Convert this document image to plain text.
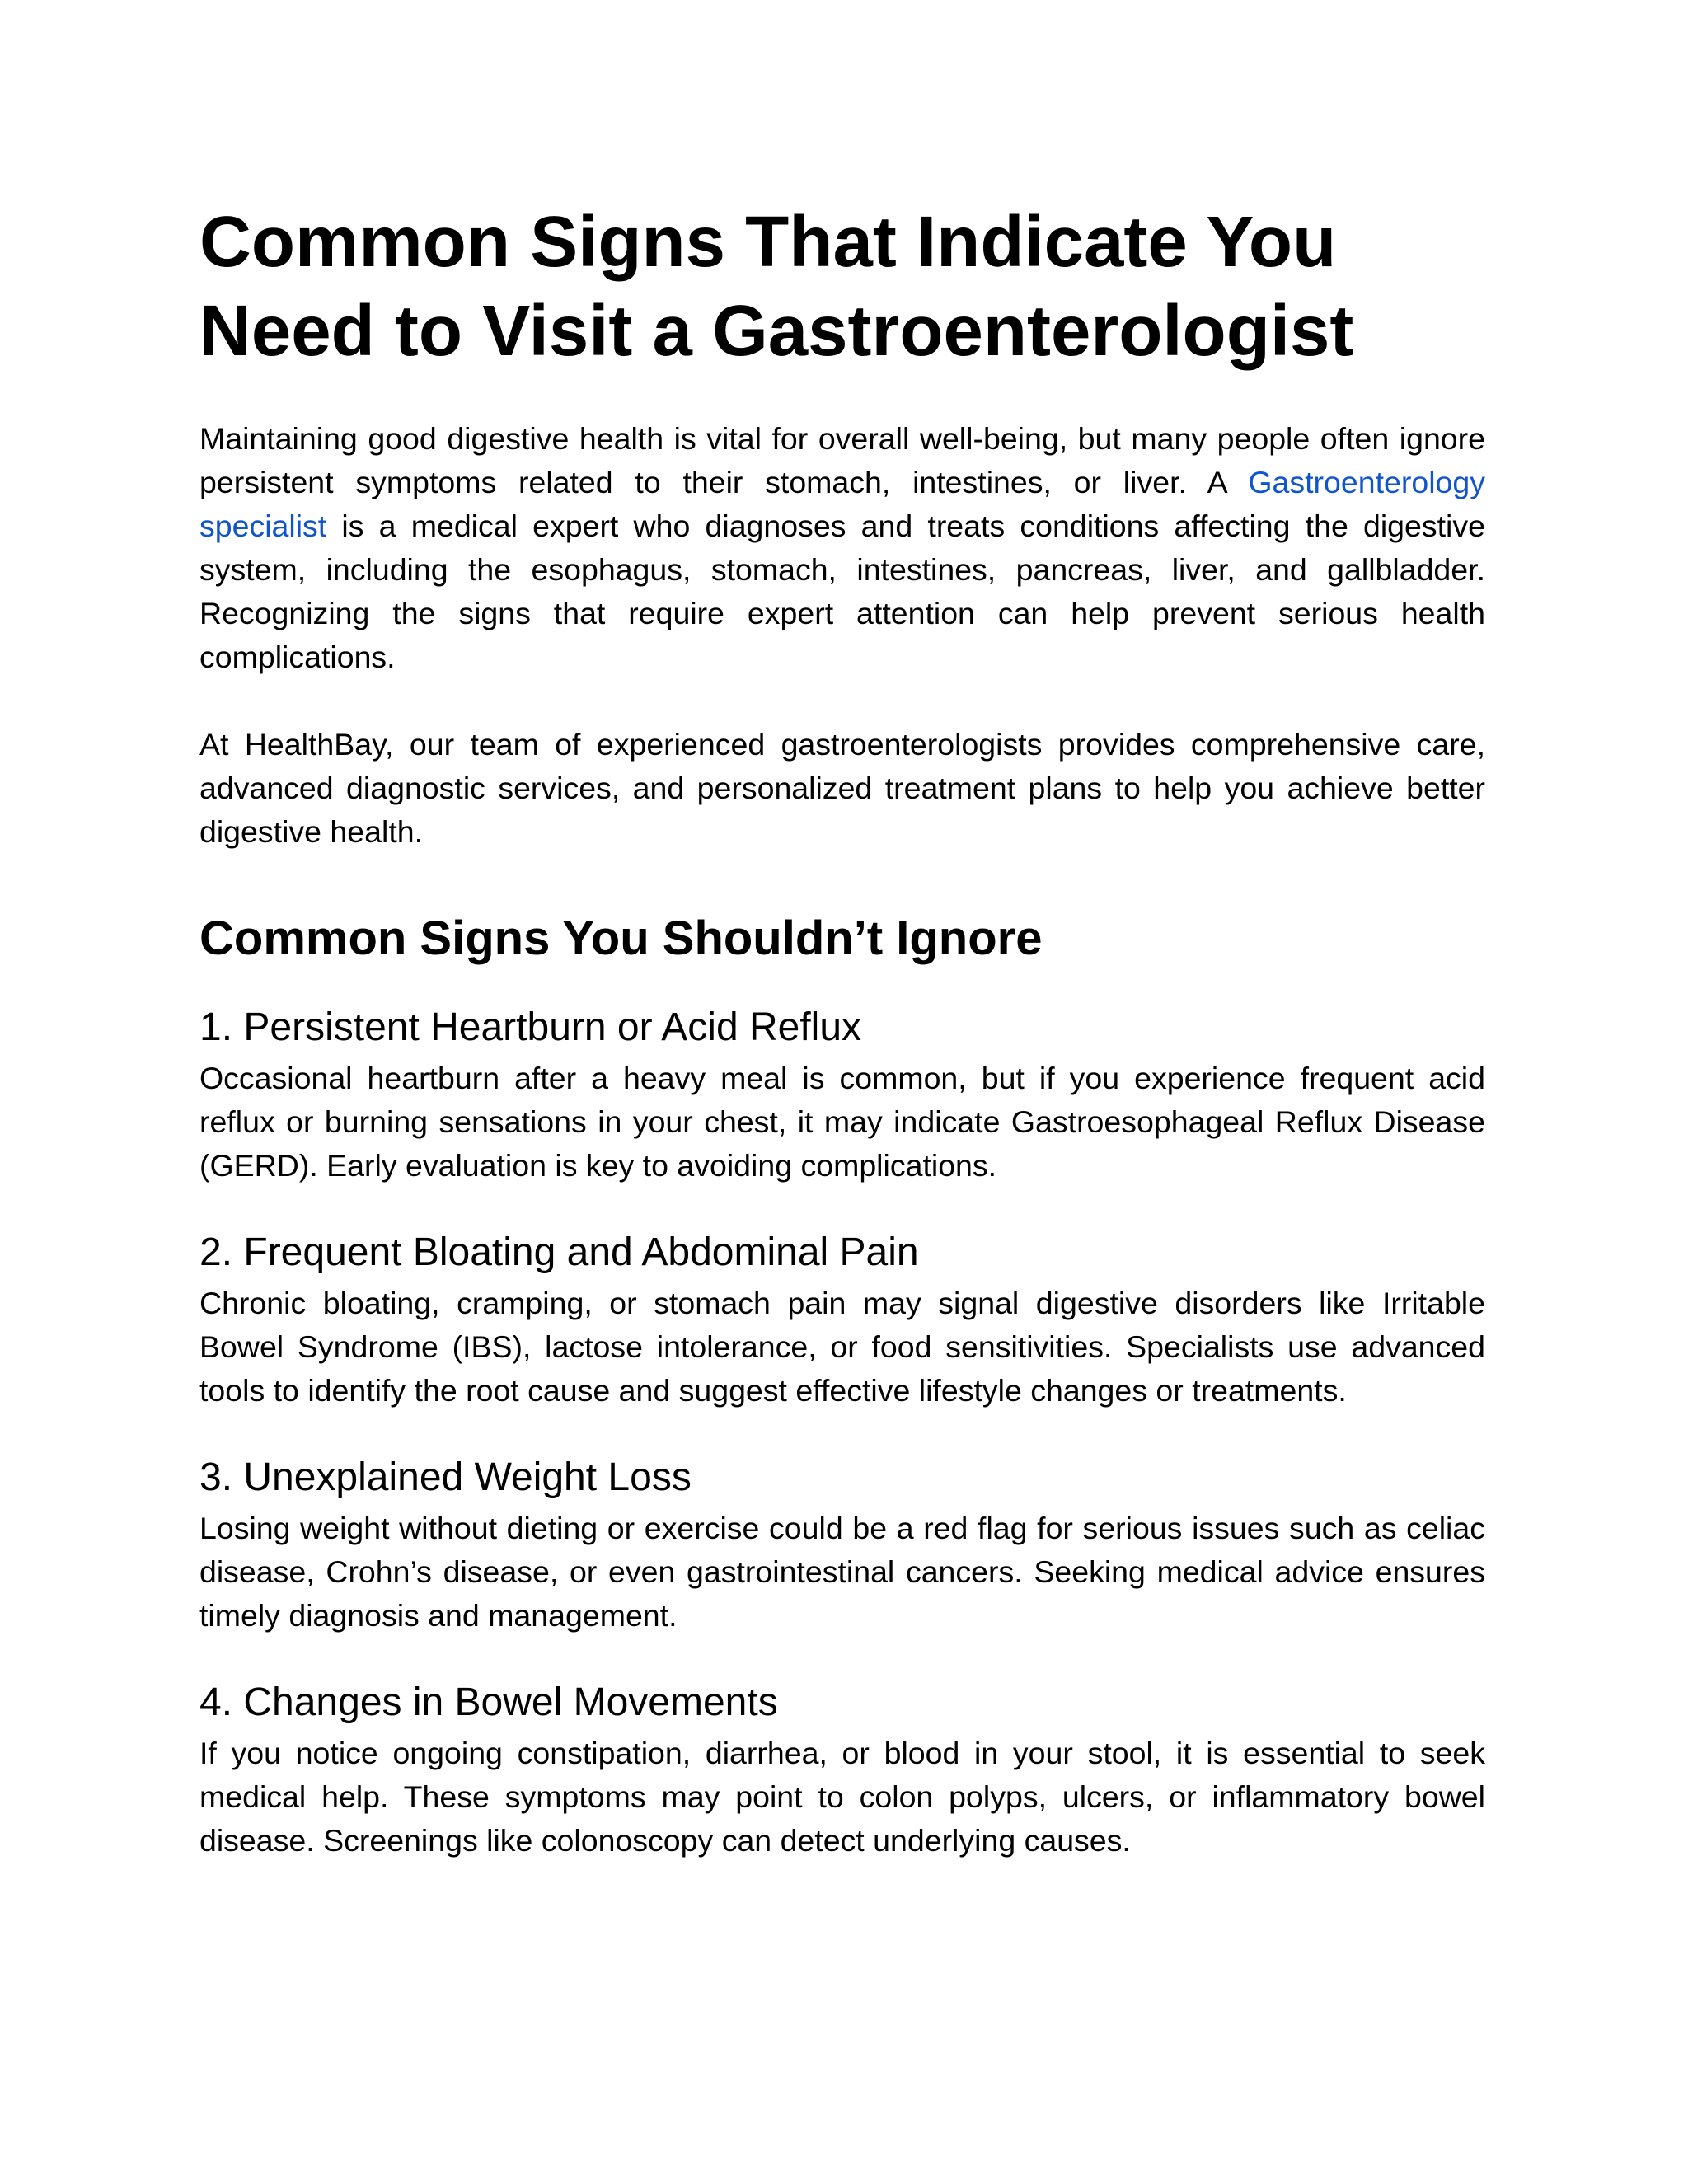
Common Signs That Indicate You Need to Visit a Gastroenterologist

Maintaining good digestive health is vital for overall well-being, but many people often ignore persistent symptoms related to their stomach, intestines, or liver. A Gastroenterology specialist is a medical expert who diagnoses and treats conditions affecting the digestive system, including the esophagus, stomach, intestines, pancreas, liver, and gallbladder. Recognizing the signs that require expert attention can help prevent serious health complications.

At HealthBay, our team of experienced gastroenterologists provides comprehensive care, advanced diagnostic services, and personalized treatment plans to help you achieve better digestive health.

Common Signs You Shouldn’t Ignore
1. Persistent Heartburn or Acid Reflux

Occasional heartburn after a heavy meal is common, but if you experience frequent acid reflux or burning sensations in your chest, it may indicate Gastroesophageal Reflux Disease (GERD). Early evaluation is key to avoiding complications.

2. Frequent Bloating and Abdominal Pain

Chronic bloating, cramping, or stomach pain may signal digestive disorders like Irritable Bowel Syndrome (IBS), lactose intolerance, or food sensitivities. Specialists use advanced tools to identify the root cause and suggest effective lifestyle changes or treatments.

3. Unexplained Weight Loss

Losing weight without dieting or exercise could be a red flag for serious issues such as celiac disease, Crohn’s disease, or even gastrointestinal cancers. Seeking medical advice ensures timely diagnosis and management.

4. Changes in Bowel Movements

If you notice ongoing constipation, diarrhea, or blood in your stool, it is essential to seek medical help. These symptoms may point to colon polyps, ulcers, or inflammatory bowel disease. Screenings like colonoscopy can detect underlying causes.
